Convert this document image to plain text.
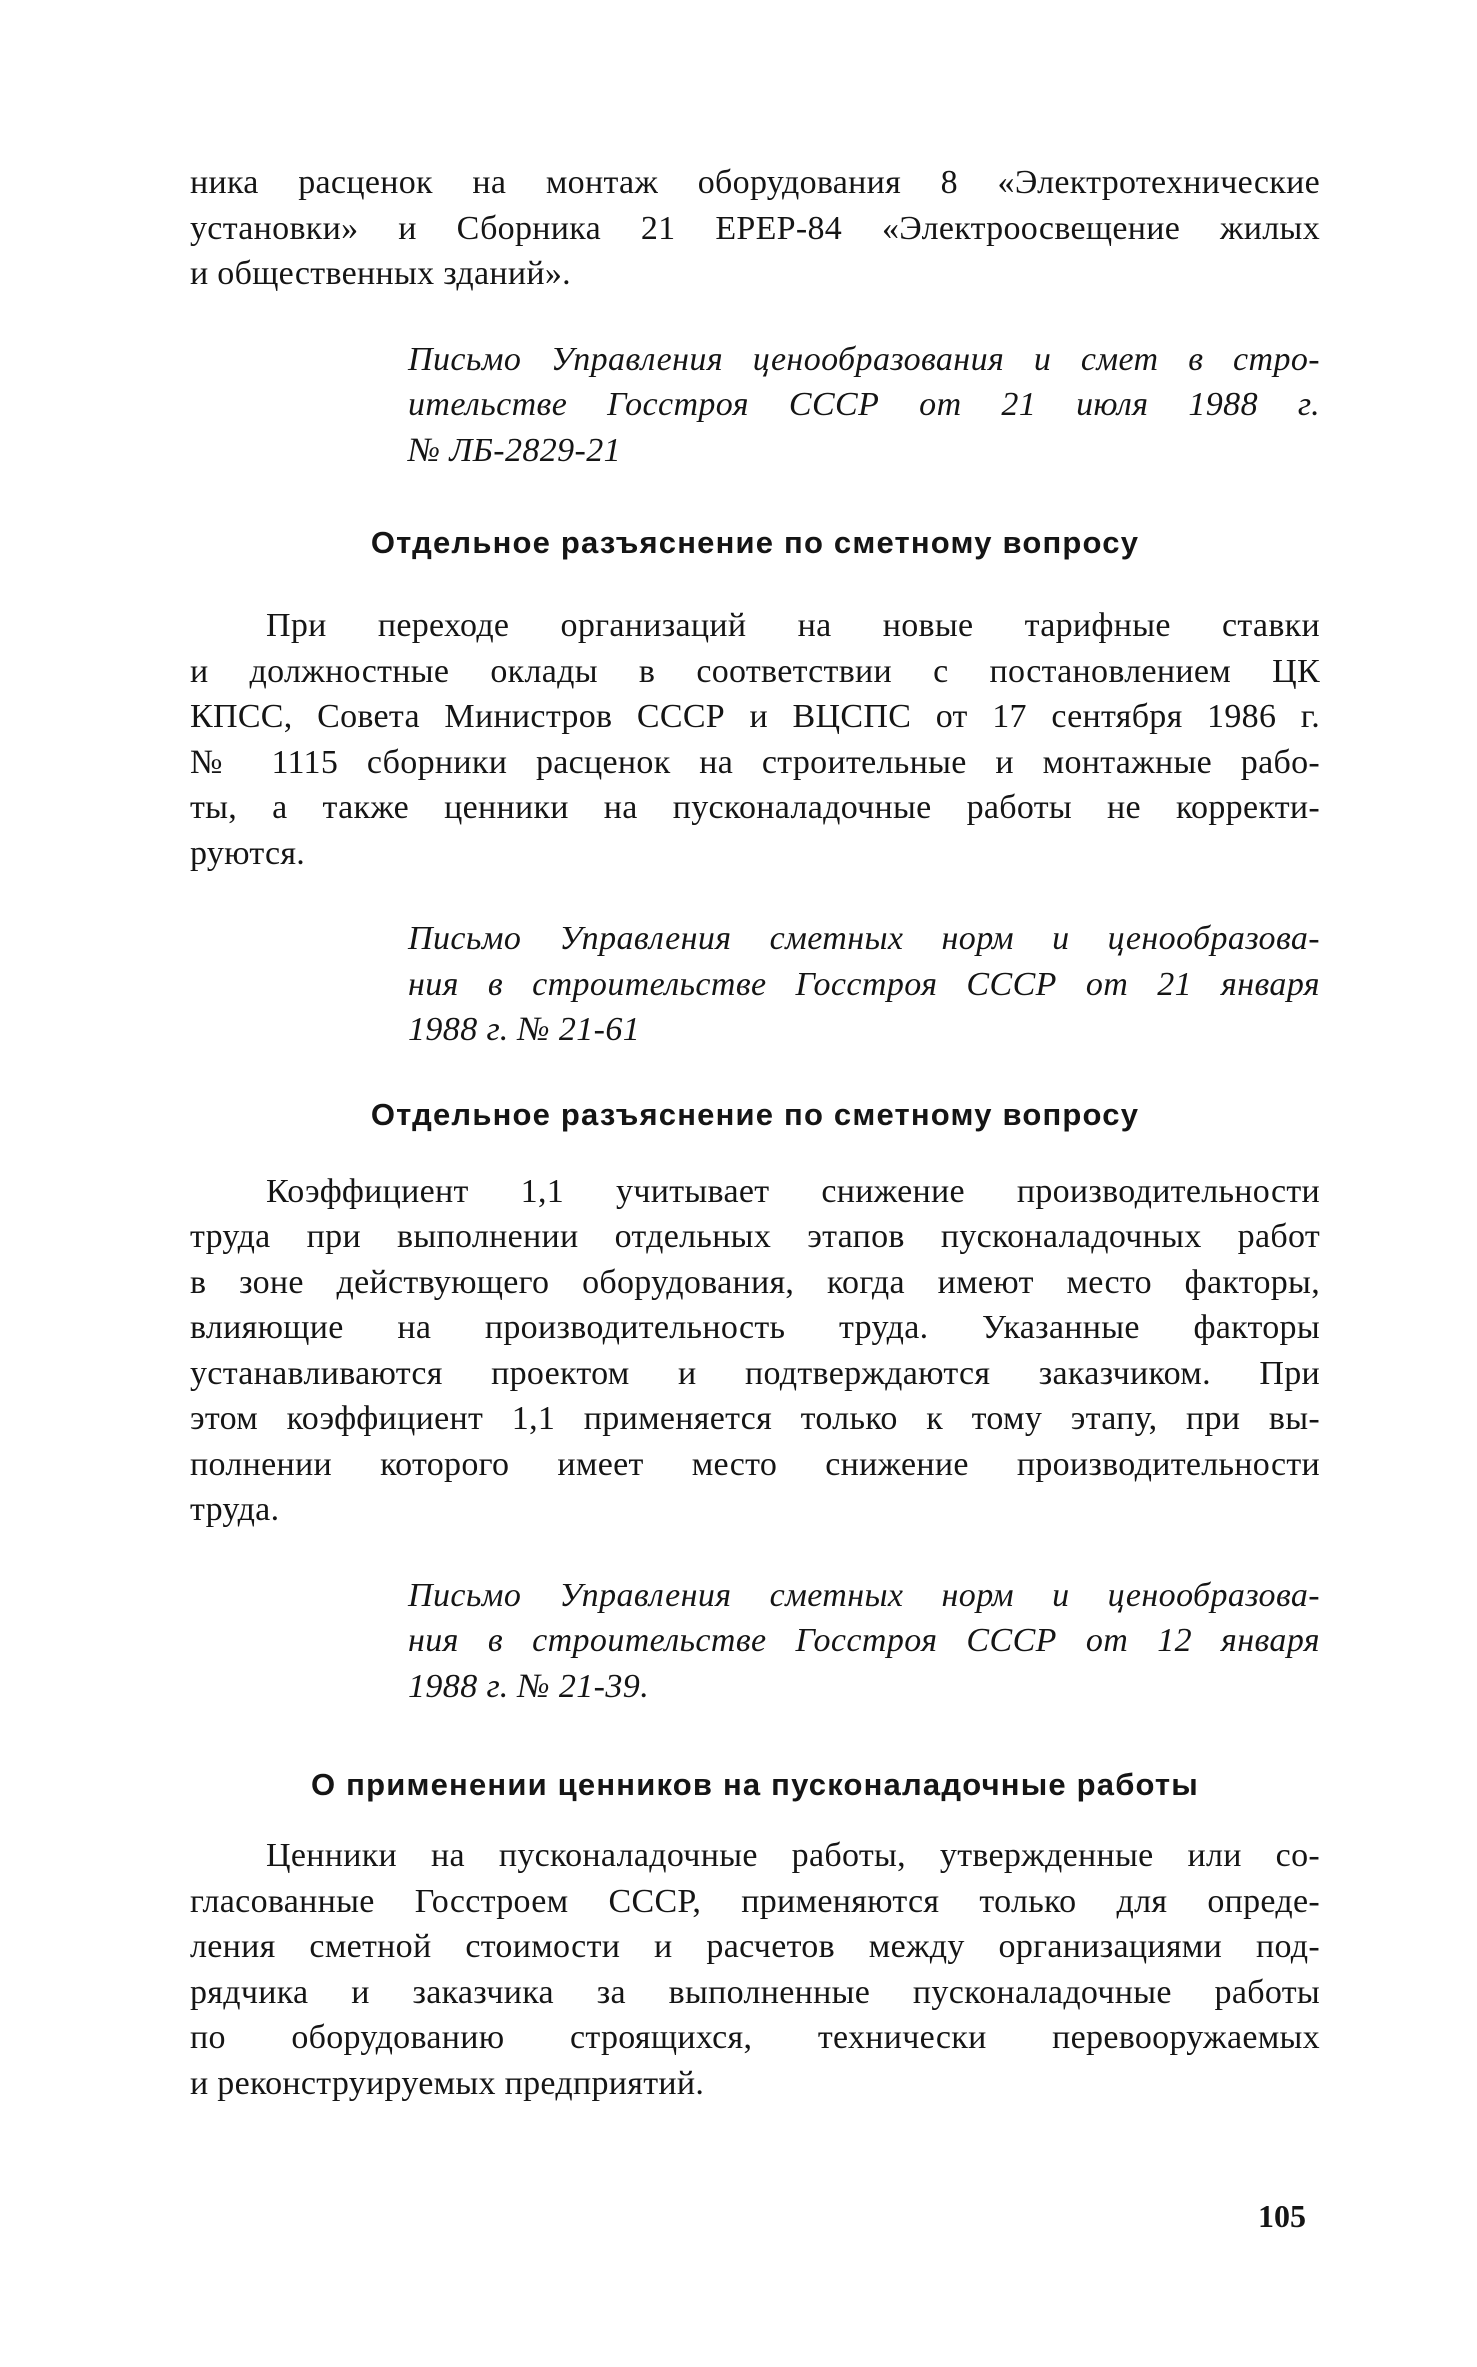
ника расценок на монтаж оборудования 8 «Электротехнические
установки» и Сборника 21 ЕРЕР-84 «Электроосвещение жилых
и общественных зданий».

Письмо Управления ценообразования и смет в стро-
ительстве Госстроя СССР от 21 июля 1988 г.
№ ЛБ-2829-21

Отдельное разъяснение по сметному вопросу

При переходе организаций на новые тарифные ставки
и должностные оклады в соответствии с постановлением ЦК
КПСС, Совета Министров СССР и ВЦСПС от 17 сентября 1986 г.
№ 1115 сборники расценок на строительные и монтажные рабо-
ты, а также ценники на пусконаладочные работы не корректи-
руются.

Письмо Управления сметных норм и ценообразова-
ния в строительстве Госстроя СССР от 21 января
1988 г. № 21-61

Отдельное разъяснение по сметному вопросу

Коэффициент 1,1 учитывает снижение производительности
труда при выполнении отдельных этапов пусконаладочных работ
в зоне действующего оборудования, когда имеют место факторы,
влияющие на производительность труда. Указанные факторы
устанавливаются проектом и подтверждаются заказчиком. При
этом коэффициент 1,1 применяется только к тому этапу, при вы-
полнении которого имеет место снижение производительности
труда.

Письмо Управления сметных норм и ценообразова-
ния в строительстве Госстроя СССР от 12 января
1988 г. № 21-39.

О применении ценников на пусконаладочные работы

Ценники на пусконаладочные работы, утвержденные или со-
гласованные Госстроем СССР, применяются только для опреде-
ления сметной стоимости и расчетов между организациями под-
рядчика и заказчика за выполненные пусконаладочные работы
по оборудованию строящихся, технически перевооружаемых
и реконструируемых предприятий.

105
